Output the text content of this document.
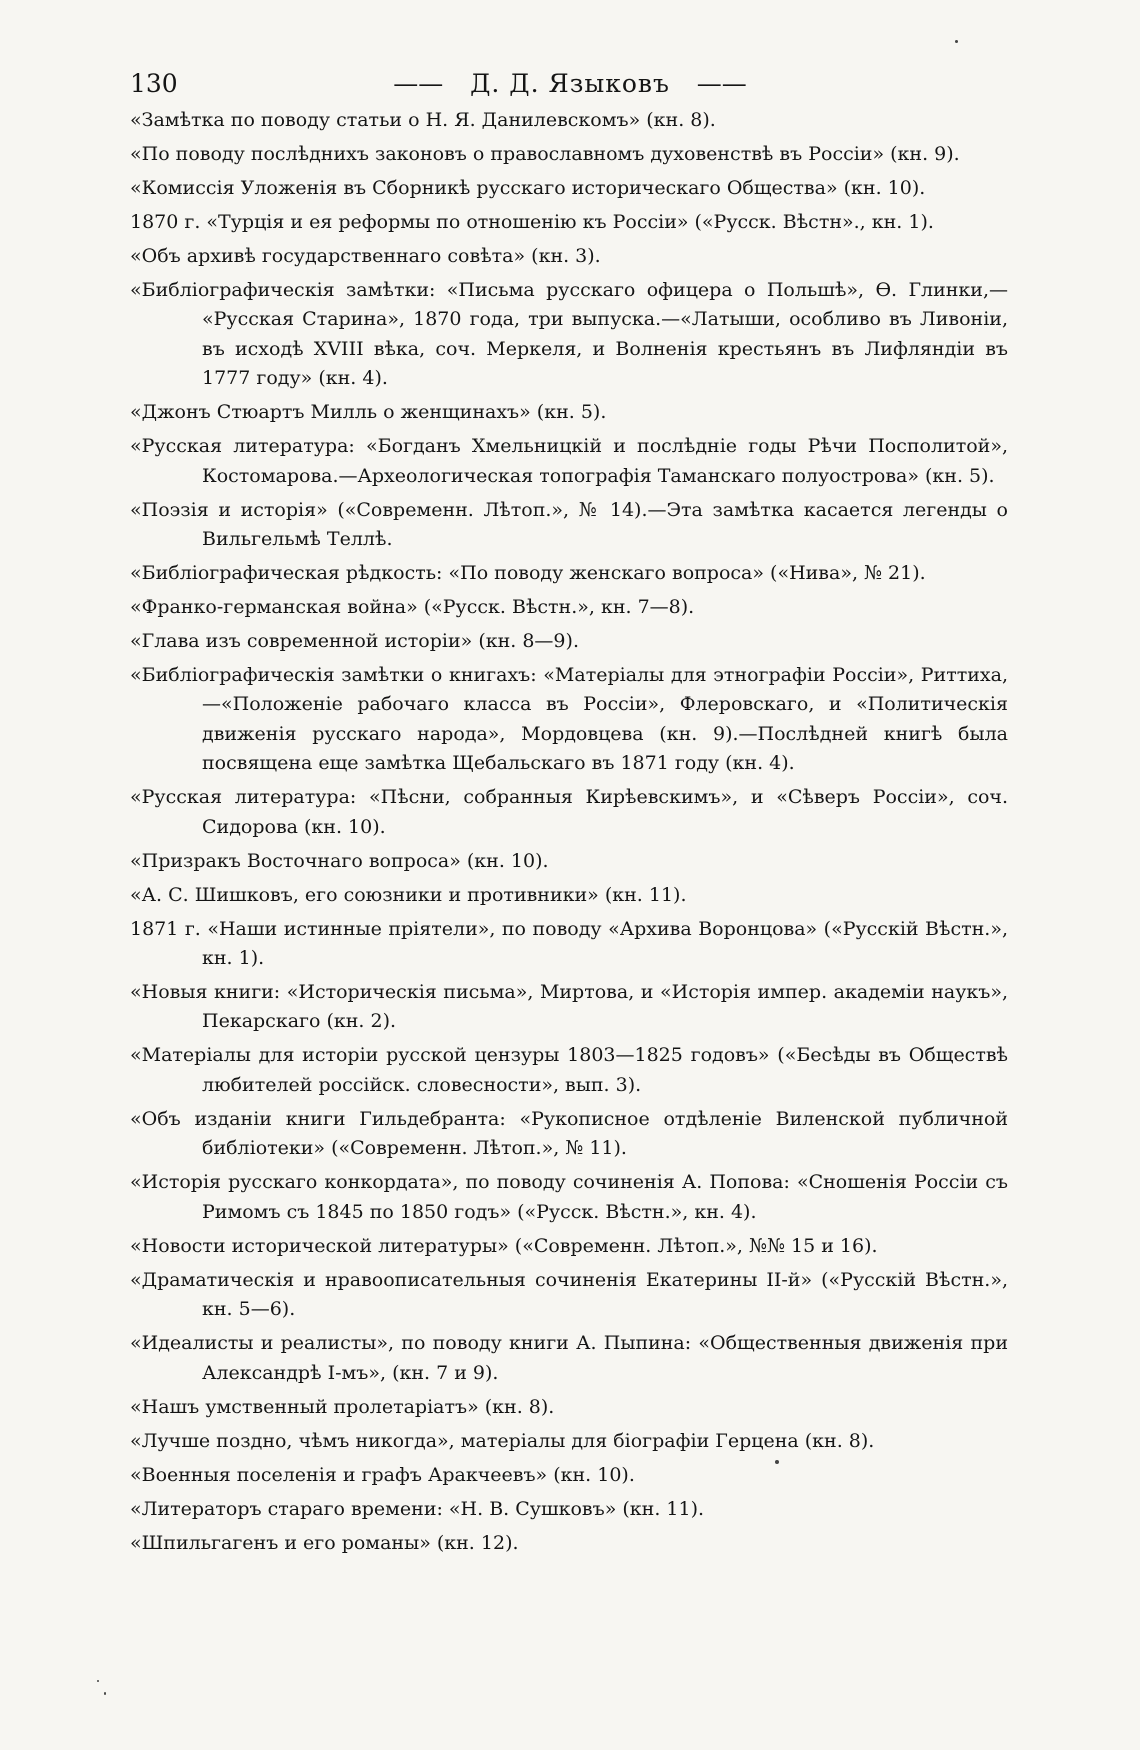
130	—— Д. Д. Языковъ ——

«Замѣтка по поводу статьи о Н. Я. Данилевскомъ» (кн. 8).

«По поводу послѣднихъ законовъ о православномъ духовенствѣ въ Россіи» (кн. 9).

«Комиссія Уложенія въ Сборникѣ русскаго историческаго Общества» (кн. 10).

1870 г. «Турція и ея реформы по отношенію къ Россіи» («Русск. Вѣстн»., кн. 1).

«Объ архивѣ государственнаго совѣта» (кн. 3).

«Библіографическія замѣтки: «Письма русскаго офицера о Польшѣ», Ѳ. Глинки,— «Русская Старина», 1870 года, три выпуска.—«Латыши, особливо въ Ливоніи, въ исходѣ XVIII вѣка, соч. Меркеля, и Волненія крестьянъ въ Лифляндіи въ 1777 году» (кн. 4).

«Джонъ Стюартъ Милль о женщинахъ» (кн. 5).

«Русская литература: «Богданъ Хмельницкій и послѣдніе годы Рѣчи Посполитой», Костомарова.—Археологическая топографія Таманскаго полуострова» (кн. 5).

«Поэзія и исторія» («Современн. Лѣтоп.», № 14).—Эта замѣтка касается легенды о Вильгельмѣ Теллѣ.

«Библіографическая рѣдкость: «По поводу женскаго вопроса» («Нива», № 21).

«Франко-германская война» («Русск. Вѣстн.», кн. 7—8).

«Глава изъ современной исторіи» (кн. 8—9).

«Библіографическія замѣтки о книгахъ: «Матеріалы для этнографіи Россіи», Риттиха,—«Положеніе рабочаго класса въ Россіи», Флеровскаго, и «Политическія движенія русскаго народа», Мордовцева (кн. 9).—Послѣдней книгѣ была посвящена еще замѣтка Щебальскаго въ 1871 году (кн. 4).

«Русская литература: «Пѣсни, собранныя Кирѣевскимъ», и «Сѣверъ Россіи», соч. Сидорова (кн. 10).

«Призракъ Восточнаго вопроса» (кн. 10).

«А. С. Шишковъ, его союзники и противники» (кн. 11).

1871 г. «Наши истинные пріятели», по поводу «Архива Воронцова» («Русскій Вѣстн.», кн. 1).

«Новыя книги: «Историческія письма», Миртова, и «Исторія импер. академіи наукъ», Пекарскаго (кн. 2).

«Матеріалы для исторіи русской цензуры 1803—1825 годовъ» («Бесѣды въ Обществѣ любителей россійск. словесности», вып. 3).

«Объ изданіи книги Гильдебранта: «Рукописное отдѣленіе Виленской публичной библіотеки» («Современн. Лѣтоп.», № 11).

«Исторія русскаго конкордата», по поводу сочиненія А. Попова: «Сношенія Россіи съ Римомъ съ 1845 по 1850 годъ» («Русск. Вѣстн.», кн. 4).

«Новости исторической литературы» («Современн. Лѣтоп.», №№ 15 и 16).

«Драматическія и нравоописательныя сочиненія Екатерины II-й» («Русскій Вѣстн.», кн. 5—6).

«Идеалисты и реалисты», по поводу книги А. Пыпина: «Общественныя движенія при Александрѣ І-мъ», (кн. 7 и 9).

«Нашъ умственный пролетаріатъ» (кн. 8).

«Лучше поздно, чѣмъ никогда», матеріалы для біографіи Герцена (кн. 8).

«Военныя поселенія и графъ Аракчеевъ» (кн. 10).

«Литераторъ стараго времени: «Н. В. Сушковъ» (кн. 11).

«Шпильгагенъ и его романы» (кн. 12).
